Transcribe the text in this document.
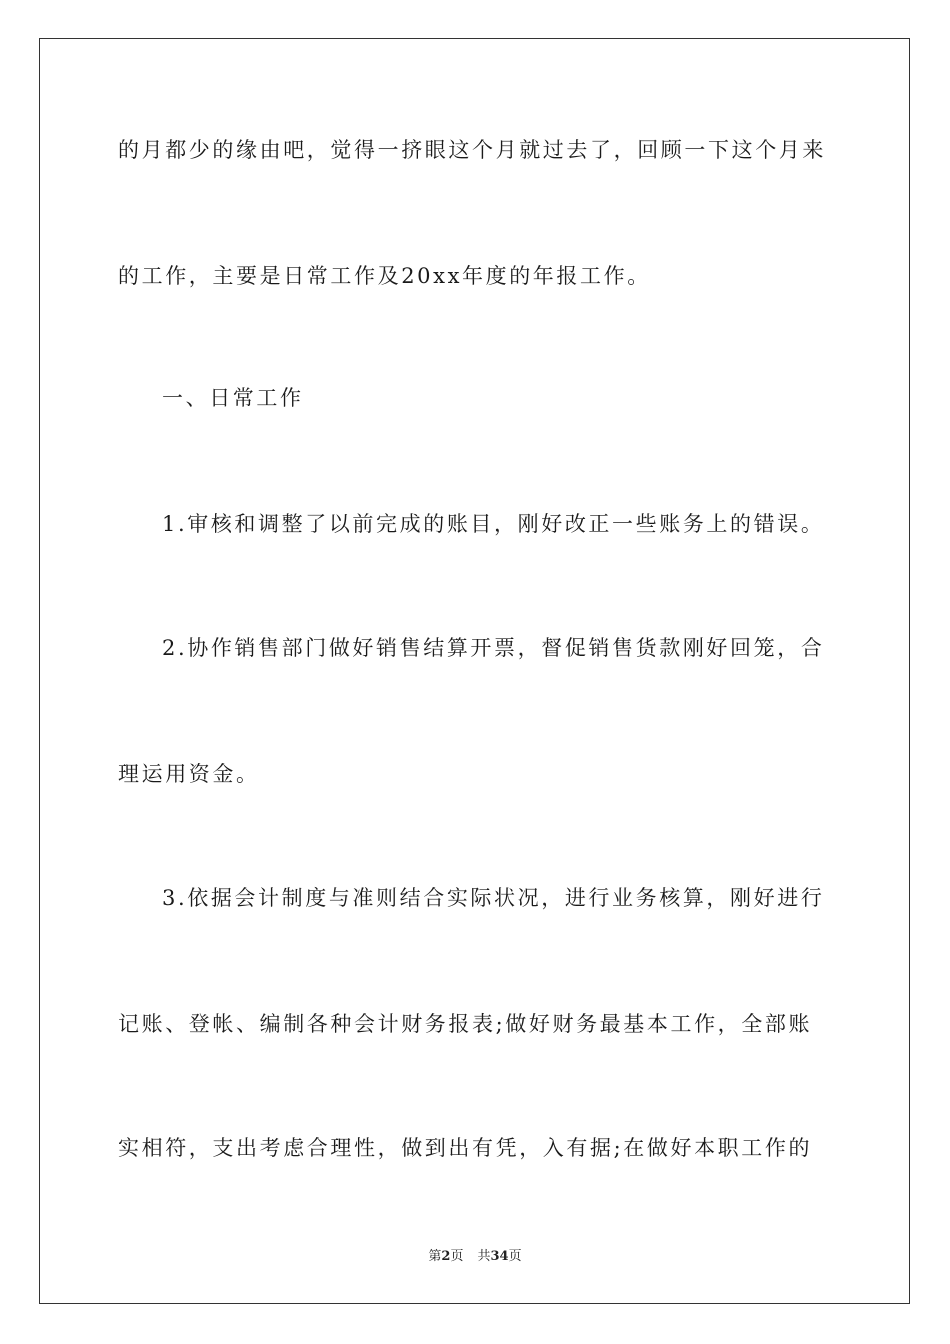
的月都少的缘由吧，觉得一挤眼这个月就过去了，回顾一下这个月来
的工作，主要是日常工作及20xx年度的年报工作。
一、日常工作
1.审核和调整了以前完成的账目，刚好改正一些账务上的错误。
2.协作销售部门做好销售结算开票，督促销售货款刚好回笼，合
理运用资金。
3.依据会计制度与准则结合实际状况，进行业务核算，刚好进行
记账、登帐、编制各种会计财务报表;做好财务最基本工作，全部账
实相符，支出考虑合理性，做到出有凭，入有据;在做好本职工作的
第2页 共34页
